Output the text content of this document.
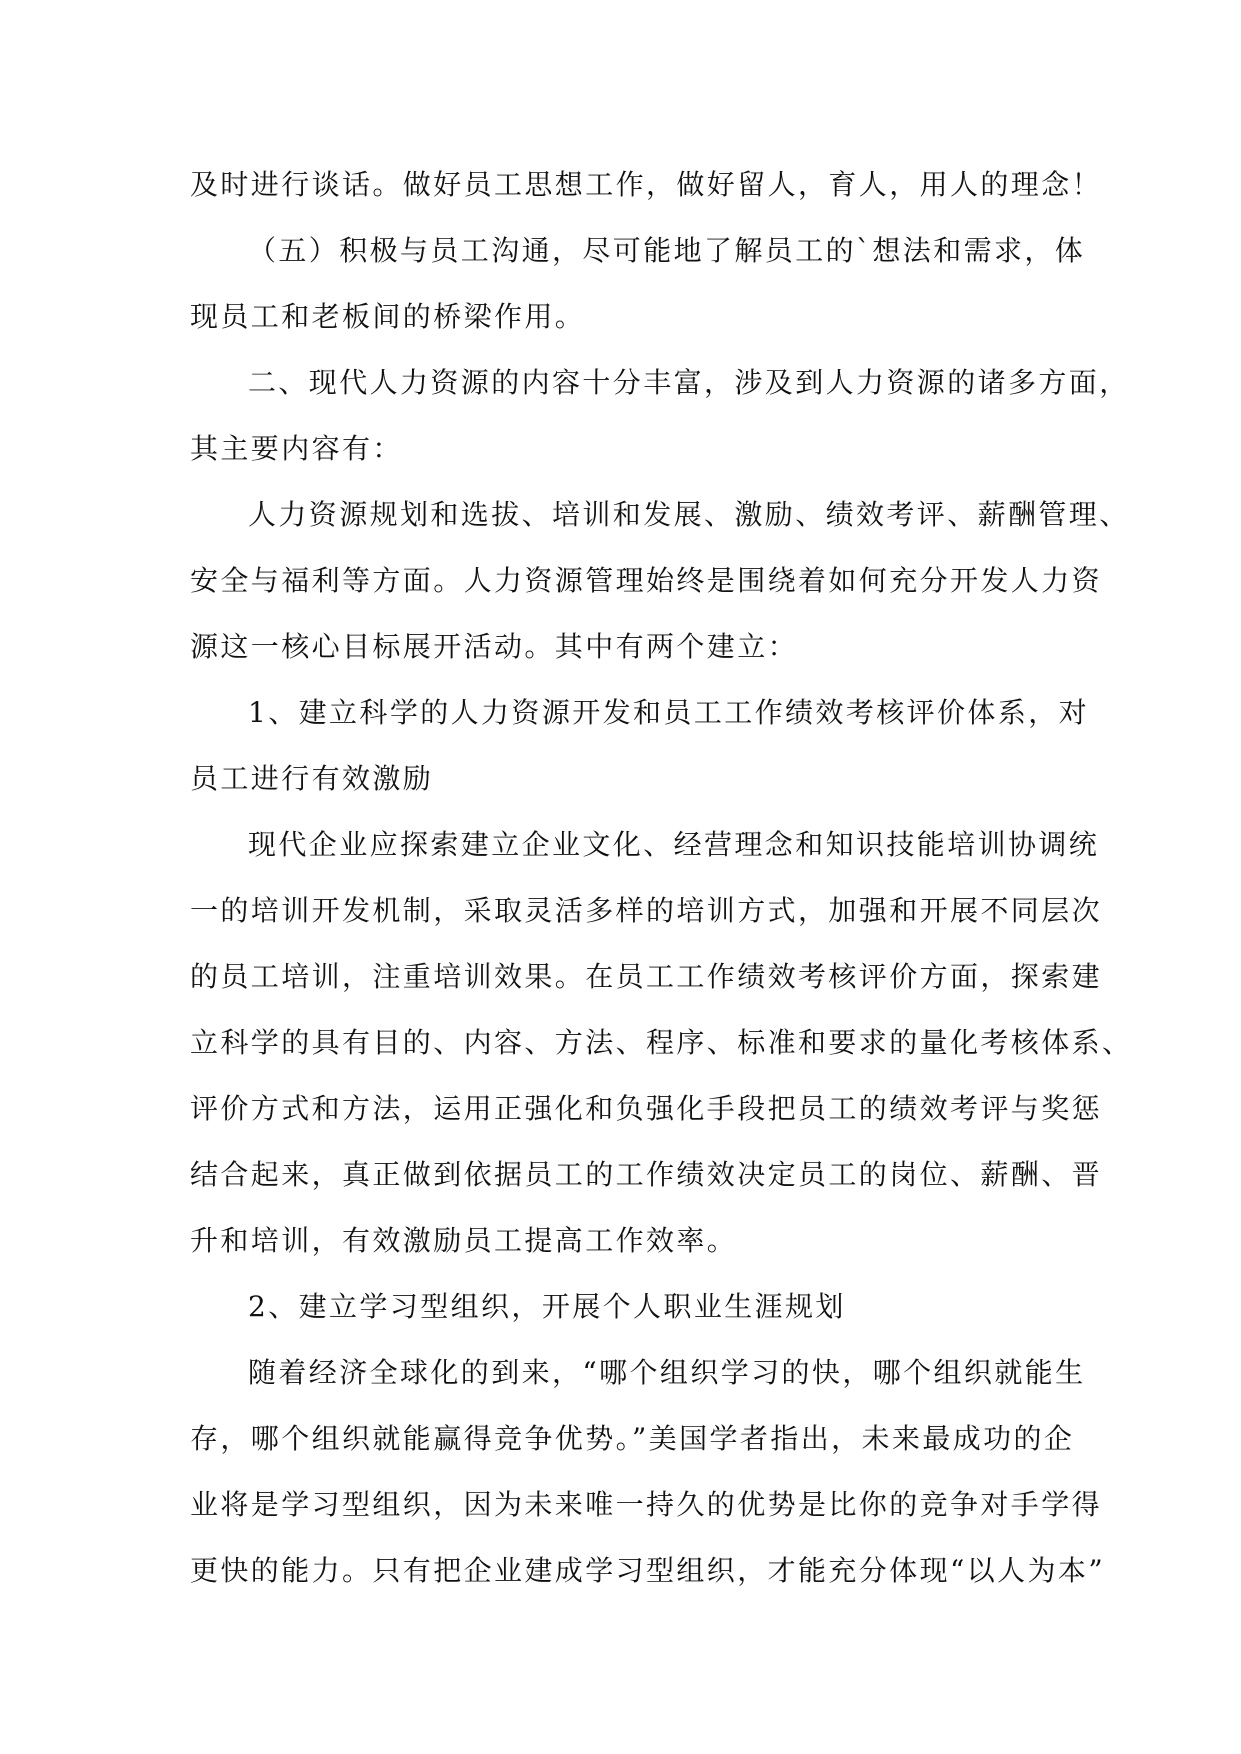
及时进行谈话。做好员工思想工作，做好留人，育人，用人的理念！
（五）积极与员工沟通，尽可能地了解员工的`想法和需求，体
现员工和老板间的桥梁作用。
二、现代人力资源的内容十分丰富，涉及到人力资源的诸多方面，
其主要内容有：
人力资源规划和选拔、培训和发展、激励、绩效考评、薪酬管理、
安全与福利等方面。人力资源管理始终是围绕着如何充分开发人力资
源这一核心目标展开活动。其中有两个建立：
1、建立科学的人力资源开发和员工工作绩效考核评价体系，对
员工进行有效激励
现代企业应探索建立企业文化、经营理念和知识技能培训协调统
一的培训开发机制，采取灵活多样的培训方式，加强和开展不同层次
的员工培训，注重培训效果。在员工工作绩效考核评价方面，探索建
立科学的具有目的、内容、方法、程序、标准和要求的量化考核体系、
评价方式和方法，运用正强化和负强化手段把员工的绩效考评与奖惩
结合起来，真正做到依据员工的工作绩效决定员工的岗位、薪酬、晋
升和培训，有效激励员工提高工作效率。
2、建立学习型组织，开展个人职业生涯规划
随着经济全球化的到来，“哪个组织学习的快，哪个组织就能生
存，哪个组织就能赢得竞争优势。”美国学者指出，未来最成功的企
业将是学习型组织，因为未来唯一持久的优势是比你的竞争对手学得
更快的能力。只有把企业建成学习型组织，才能充分体现“以人为本”
